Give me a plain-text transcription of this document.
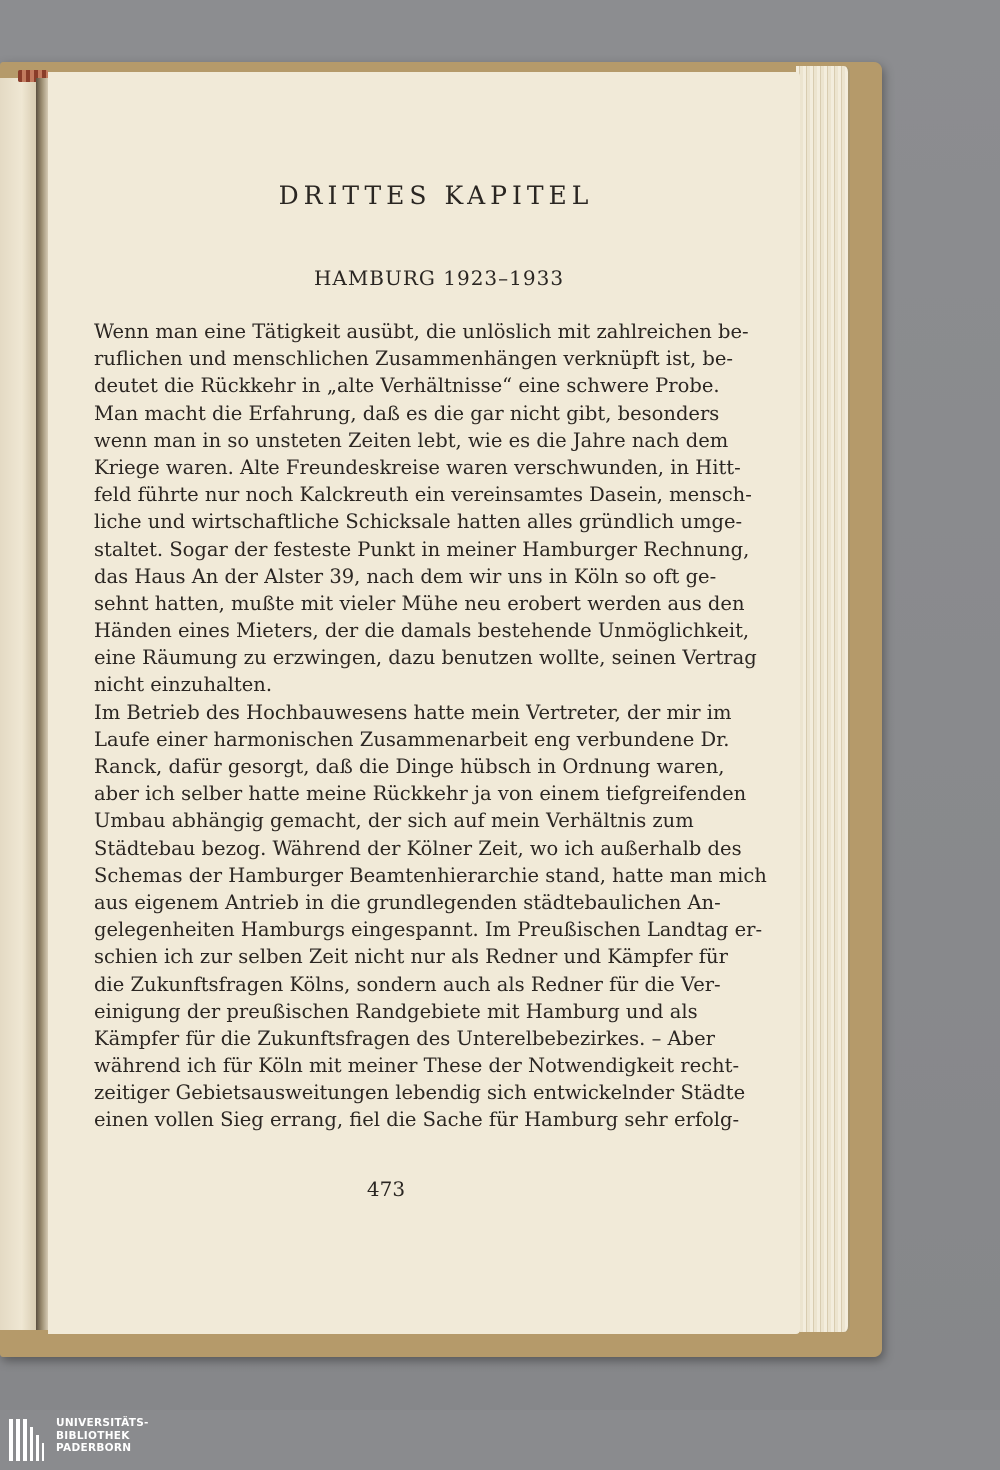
DRITTES KAPITEL
HAMBURG 1923–1933
Wenn man eine Tätigkeit ausübt, die unlöslich mit zahlreichen be-
ruflichen und menschlichen Zusammenhängen verknüpft ist, be-
deutet die Rückkehr in „alte Verhältnisse“ eine schwere Probe.
Man macht die Erfahrung, daß es die gar nicht gibt, besonders
wenn man in so unsteten Zeiten lebt, wie es die Jahre nach dem
Kriege waren. Alte Freundeskreise waren verschwunden, in Hitt-
feld führte nur noch Kalckreuth ein vereinsamtes Dasein, mensch-
liche und wirtschaftliche Schicksale hatten alles gründlich umge-
staltet. Sogar der festeste Punkt in meiner Hamburger Rechnung,
das Haus An der Alster 39, nach dem wir uns in Köln so oft ge-
sehnt hatten, mußte mit vieler Mühe neu erobert werden aus den
Händen eines Mieters, der die damals bestehende Unmöglichkeit,
eine Räumung zu erzwingen, dazu benutzen wollte, seinen Vertrag
nicht einzuhalten.
Im Betrieb des Hochbauwesens hatte mein Vertreter, der mir im
Laufe einer harmonischen Zusammenarbeit eng verbundene Dr.
Ranck, dafür gesorgt, daß die Dinge hübsch in Ordnung waren,
aber ich selber hatte meine Rückkehr ja von einem tiefgreifenden
Umbau abhängig gemacht, der sich auf mein Verhältnis zum
Städtebau bezog. Während der Kölner Zeit, wo ich außerhalb des
Schemas der Hamburger Beamtenhierarchie stand, hatte man mich
aus eigenem Antrieb in die grundlegenden städtebaulichen An-
gelegenheiten Hamburgs eingespannt. Im Preußischen Landtag er-
schien ich zur selben Zeit nicht nur als Redner und Kämpfer für
die Zukunftsfragen Kölns, sondern auch als Redner für die Ver-
einigung der preußischen Randgebiete mit Hamburg und als
Kämpfer für die Zukunftsfragen des Unterelbebezirkes. – Aber
während ich für Köln mit meiner These der Notwendigkeit recht-
zeitiger Gebietsausweitungen lebendig sich entwickelnder Städte
einen vollen Sieg errang, fiel die Sache für Hamburg sehr erfolg-
473
UNIVERSITÄTS-
BIBLIOTHEK
PADERBORN
